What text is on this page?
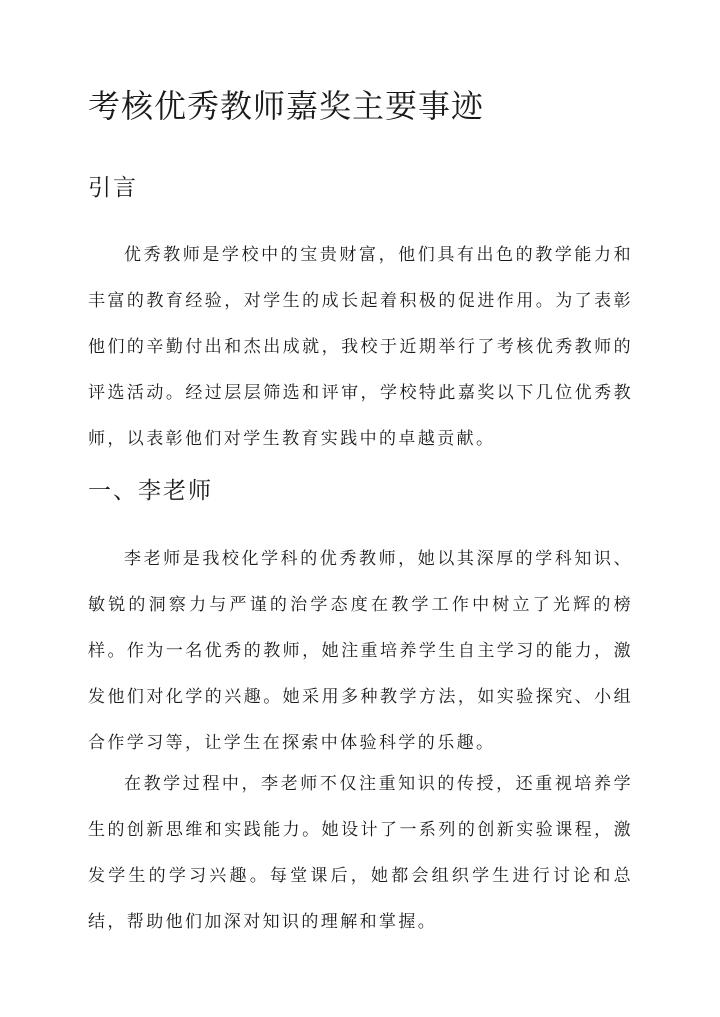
考核优秀教师嘉奖主要事迹
引言

优秀教师是学校中的宝贵财富，他们具有出色的教学能力和丰富的教育经验，对学生的成长起着积极的促进作用。为了表彰他们的辛勤付出和杰出成就，我校于近期举行了考核优秀教师的评选活动。经过层层筛选和评审，学校特此嘉奖以下几位优秀教师，以表彰他们对学生教育实践中的卓越贡献。

一、李老师

李老师是我校化学科的优秀教师，她以其深厚的学科知识、敏锐的洞察力与严谨的治学态度在教学工作中树立了光辉的榜样。作为一名优秀的教师，她注重培养学生自主学习的能力，激发他们对化学的兴趣。她采用多种教学方法，如实验探究、小组合作学习等，让学生在探索中体验科学的乐趣。

在教学过程中，李老师不仅注重知识的传授，还重视培养学生的创新思维和实践能力。她设计了一系列的创新实验课程，激发学生的学习兴趣。每堂课后，她都会组织学生进行讨论和总结，帮助他们加深对知识的理解和掌握。
